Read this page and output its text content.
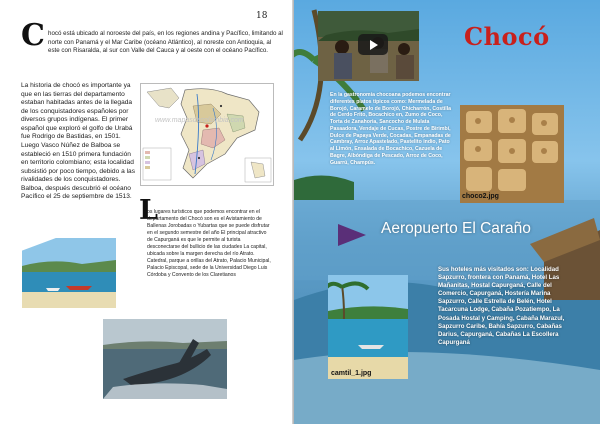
18
C hocó está ubicado al noroeste del país, en los regiones andina y Pacífico, limitando al norte con Panamá y el Mar Caribe (océano Atlántico), al noreste con Antioquia, al este con Risaralda, al sur con Valle del Cauca y al oeste con el océano Pacífico.

La historia de chocó es importante ya que en las tierras del departamento estaban habitadas antes de la llegada de los conquistadores españoles por diversos grupos indígenas. El primer español que exploró el golfo de Urabá fue Rodrigo de Bastidas, en 1501. Luego Vasco Núñez de Balboa se estableció en 1510 primera fundación en territorio colombiano; esta localidad subsistió por poco tiempo, debido a las rivalidades de los conquistadores. Balboa, después descubrió el océano Pacífico el 25 de septiembre de 1513.

www.mapasdecolombia.com
L

os lugares turísticos que podemos encontrar en el departamento del Chocó son es el Avistamiento de Ballenas Jorobadas o Yubartas que se puede disfrutar en el segundo semestre del año El principal atractivo de Capurganá es que le permite al turista desconectarse del bullicio de las ciudades La capital, ubicada sobre la margen derecha del río Atrato. Catedral, parque a orillas del Atrato, Palacio Municipal, Palacio Episcopal, sede de la Universidad Diego Luis Córdoba y Convento de los Claretianos

Chocó

En la gastronomía chocoana podemos encontrar diferentes platos típicos como: Mermelada de Borojó, Caramelo de Borojó, Chicharrón, Costilla de Cerdo Frito, Bocachico en, Zumo de Coco, Torta de Zanahoria, Sancocho de Mulata Pasaadora, Vendaje de Cucas, Postre de Birimbí, Dulce de Papaya Verde, Cocadas, Empanadas de Cambray, Arroz Apastelado, Pastelito indio, Pato al Limón, Ensalada de Bocachico, Cazuela de Bagre, Albóndiga de Pescado, Arroz de Coco, Guarrú, Champús.

choco2.jpg
Aeropuerto El Caraño

Sus hoteles más visitados son: Localidad Sapzurro, frontera con Panamá, Hotel Las Mañanitas, Hostal Capurganá, Calle del Comercio, Capurganá, Hostería Marina Sapzurro, Calle Estrella de Belén, Hotel Tacarcuna Lodge, Cabaña Pozatiempo, La Posada Hostal y Camping, Cabaña Marazul, Sapzurro Caribe, Bahía Sapzurro, Cabañas Darius, Capurganá, Cabañas La Escollera Capurganá

camtil_1.jpg
